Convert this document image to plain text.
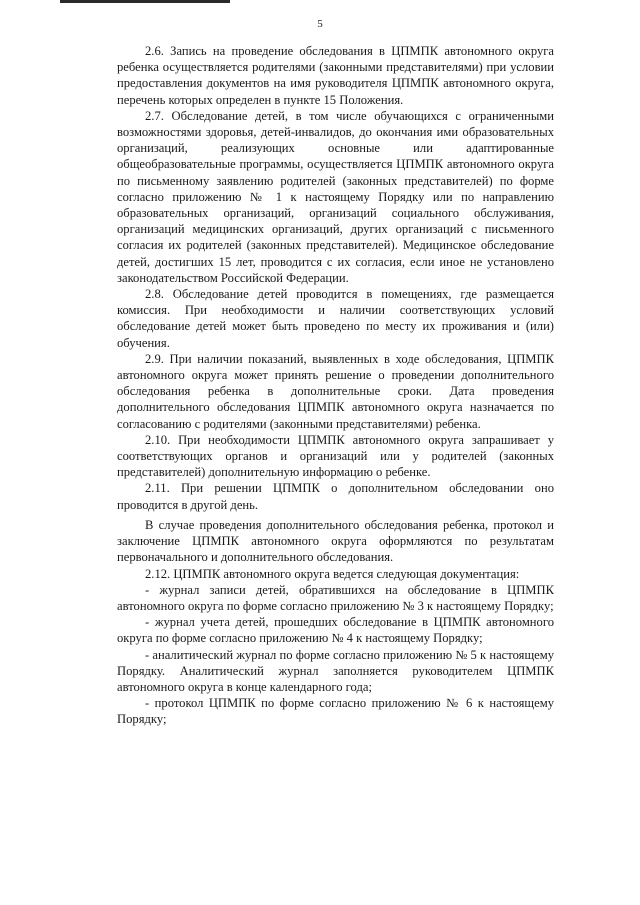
5

2.6. Запись на проведение обследования в ЦПМПК автономного округа ребенка осуществляется родителями (законными представителями) при условии предоставления документов на имя руководителя ЦПМПК автономного округа, перечень которых определен в пункте 15 Положения.

2.7. Обследование детей, в том числе обучающихся с ограниченными возможностями здоровья, детей-инвалидов, до окончания ими образовательных организаций, реализующих основные или адаптированные общеобразовательные программы, осуществляется ЦПМПК автономного округа по письменному заявлению родителей (законных представителей) по форме согласно приложению № 1 к настоящему Порядку или по направлению образовательных организаций, организаций социального обслуживания, организаций медицинских организаций, других организаций с письменного согласия их родителей (законных представителей). Медицинское обследование детей, достигших 15 лет, проводится с их согласия, если иное не установлено законодательством Российской Федерации.

2.8. Обследование детей проводится в помещениях, где размещается комиссия. При необходимости и наличии соответствующих условий обследование детей может быть проведено по месту их проживания и (или) обучения.

2.9. При наличии показаний, выявленных в ходе обследования, ЦПМПК автономного округа может принять решение о проведении дополнительного обследования ребенка в дополнительные сроки. Дата проведения дополнительного обследования ЦПМПК автономного округа назначается по согласованию с родителями (законными представителями) ребенка.

2.10. При необходимости ЦПМПК автономного округа запрашивает у соответствующих органов и организаций или у родителей (законных представителей) дополнительную информацию о ребенке.

2.11. При решении ЦПМПК о дополнительном обследовании оно проводится в другой день.

В случае проведения дополнительного обследования ребенка, протокол и заключение ЦПМПК автономного округа оформляются по результатам первоначального и дополнительного обследования.

2.12. ЦПМПК автономного округа ведется следующая документация:

- журнал записи детей, обратившихся на обследование в ЦПМПК автономного округа по форме согласно приложению № 3 к настоящему Порядку;

- журнал учета детей, прошедших обследование в ЦПМПК автономного округа по форме согласно приложению № 4 к настоящему Порядку;

- аналитический журнал по форме согласно приложению № 5 к настоящему Порядку. Аналитический журнал заполняется руководителем ЦПМПК автономного округа в конце календарного года;

- протокол ЦПМПК по форме согласно приложению № 6 к настоящему Порядку;
